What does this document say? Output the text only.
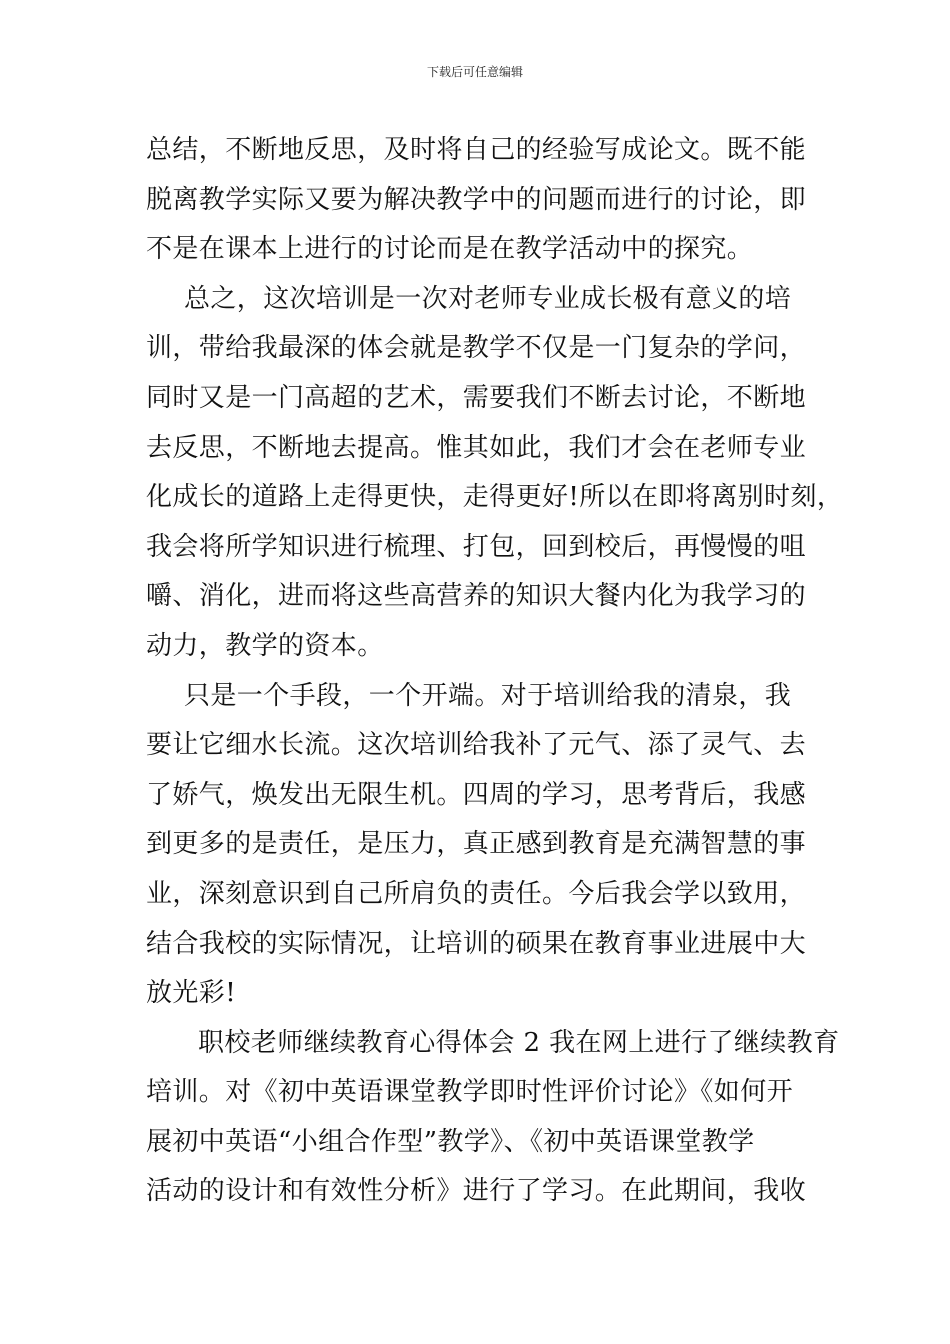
下载后可任意编辑
总结，不断地反思，及时将自己的经验写成论文。既不能
脱离教学实际又要为解决教学中的问题而进行的讨论，即
不是在课本上进行的讨论而是在教学活动中的探究。
总之，这次培训是一次对老师专业成长极有意义的培
训，带给我最深的体会就是教学不仅是一门复杂的学问，
同时又是一门高超的艺术，需要我们不断去讨论，不断地
去反思，不断地去提高。惟其如此，我们才会在老师专业
化成长的道路上走得更快，走得更好!所以在即将离别时刻，
我会将所学知识进行梳理、打包，回到校后，再慢慢的咀
嚼、消化，进而将这些高营养的知识大餐内化为我学习的
动力，教学的资本。
只是一个手段，一个开端。对于培训给我的清泉，我
要让它细水长流。这次培训给我补了元气、添了灵气、去
了娇气，焕发出无限生机。四周的学习，思考背后，我感
到更多的是责任，是压力，真正感到教育是充满智慧的事
业，深刻意识到自己所肩负的责任。今后我会学以致用，
结合我校的实际情况，让培训的硕果在教育事业进展中大
放光彩!
职校老师继续教育心得体会 2 我在网上进行了继续教育
培训。对《初中英语课堂教学即时性评价讨论》《如何开
展初中英语“小组合作型”教学》、《初中英语课堂教学
活动的设计和有效性分析》进行了学习。在此期间，我收
